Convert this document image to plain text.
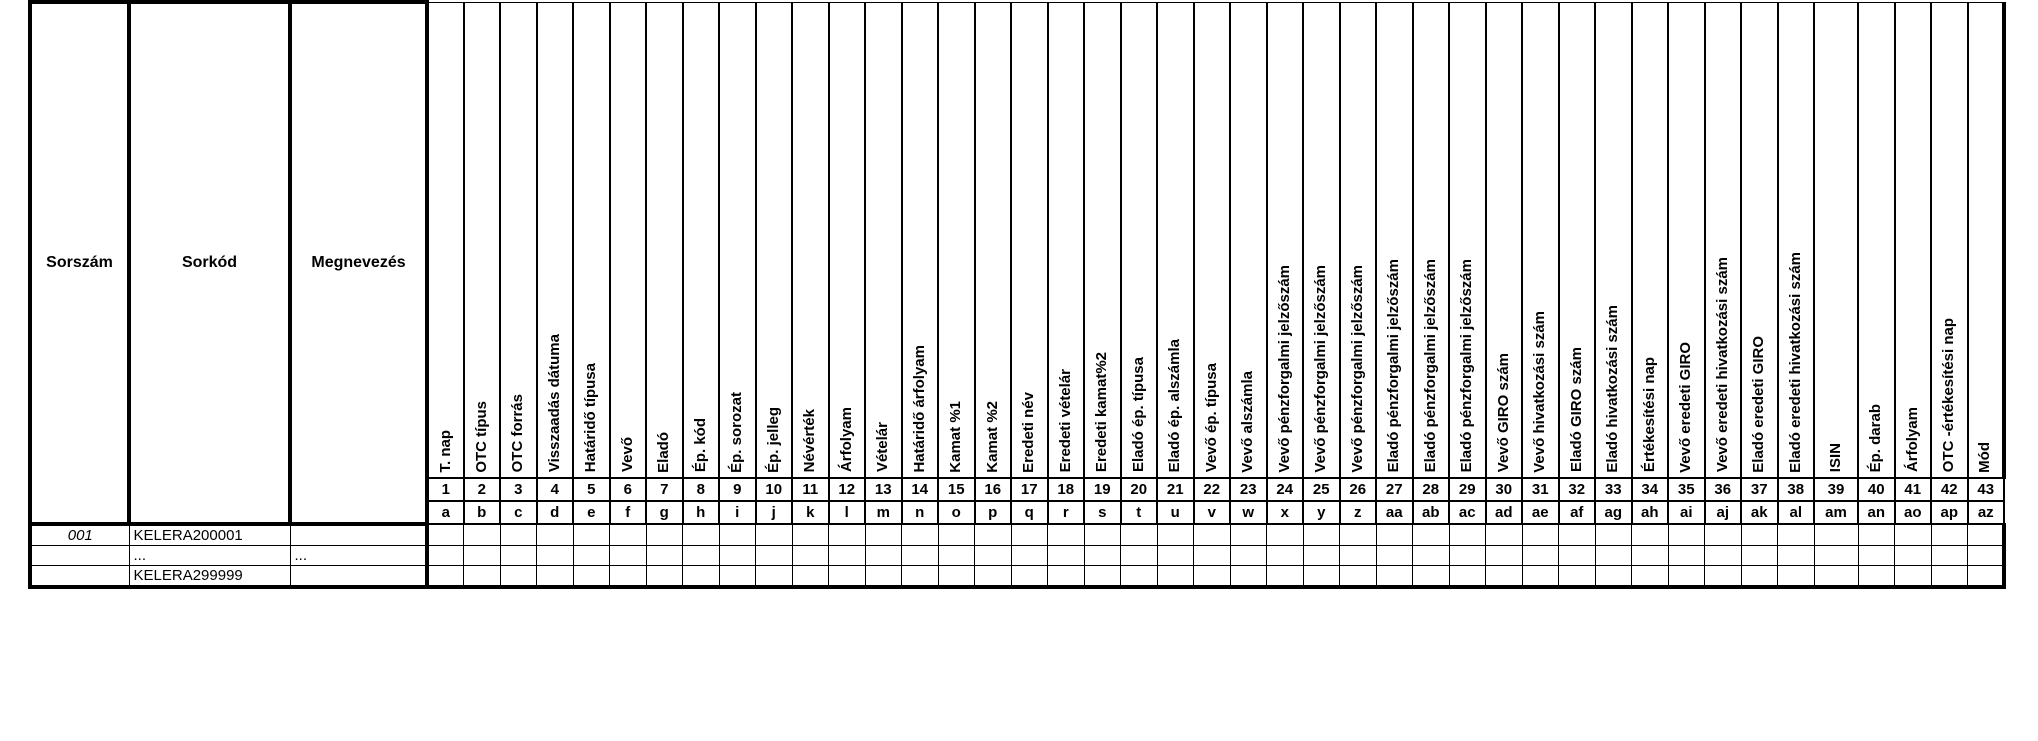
Sorszám	Sorkód	Megnevezés	T. nap	OTC típus	OTC forrás	Visszaadás dátuma	Határidő típusa	Vevő	Eladó	Ép. kód	Ép. sorozat	Ép. jelleg	Névérték	Árfolyam	Vételár	Határidő árfolyam	Kamat %1	Kamat %2	Eredeti név	Eredeti vételár	Eredeti kamat%2	Eladó ép. típusa	Eladó ép. alszámla	Vevő ép. típusa	Vevő alszámla	Vevő pénzforgalmi jelzőszám	Vevő pénzforgalmi jelzőszám	Vevő pénzforgalmi jelzőszám	Eladó pénzforgalmi jelzőszám	Eladó pénzforgalmi jelzőszám	Eladó pénzforgalmi jelzőszám	Vevő GIRO szám	Vevő hivatkozási szám	Eladó GIRO szám	Eladó hivatkozási szám	Értékesítési nap	Vevő eredeti GIRO	Vevő eredeti hivatkozási szám	Eladó eredeti GIRO	Eladó eredeti hivatkozási szám	ISIN	Ép. darab	Árfolyam	OTC -értékesítési nap	Mód

			1	2	3	4	5	6	7	8	9	10	11	12	13	14	15	16	17	18	19	20	21	22	23	24	25	26	27	28	29	30	31	32	33	34	35	36	37	38	39	40	41	42	43
			a	b	c	d	e	f	g	h	i	j	k	l	m	n	o	p	q	r	s	t	u	v	w	x	y	z	aa	ab	ac	ad	ae	af	ag	ah	ai	aj	ak	al	am	an	ao	ap	az
001	KELERA200001																																												
	...	...																																											
	KELERA299999																																												
